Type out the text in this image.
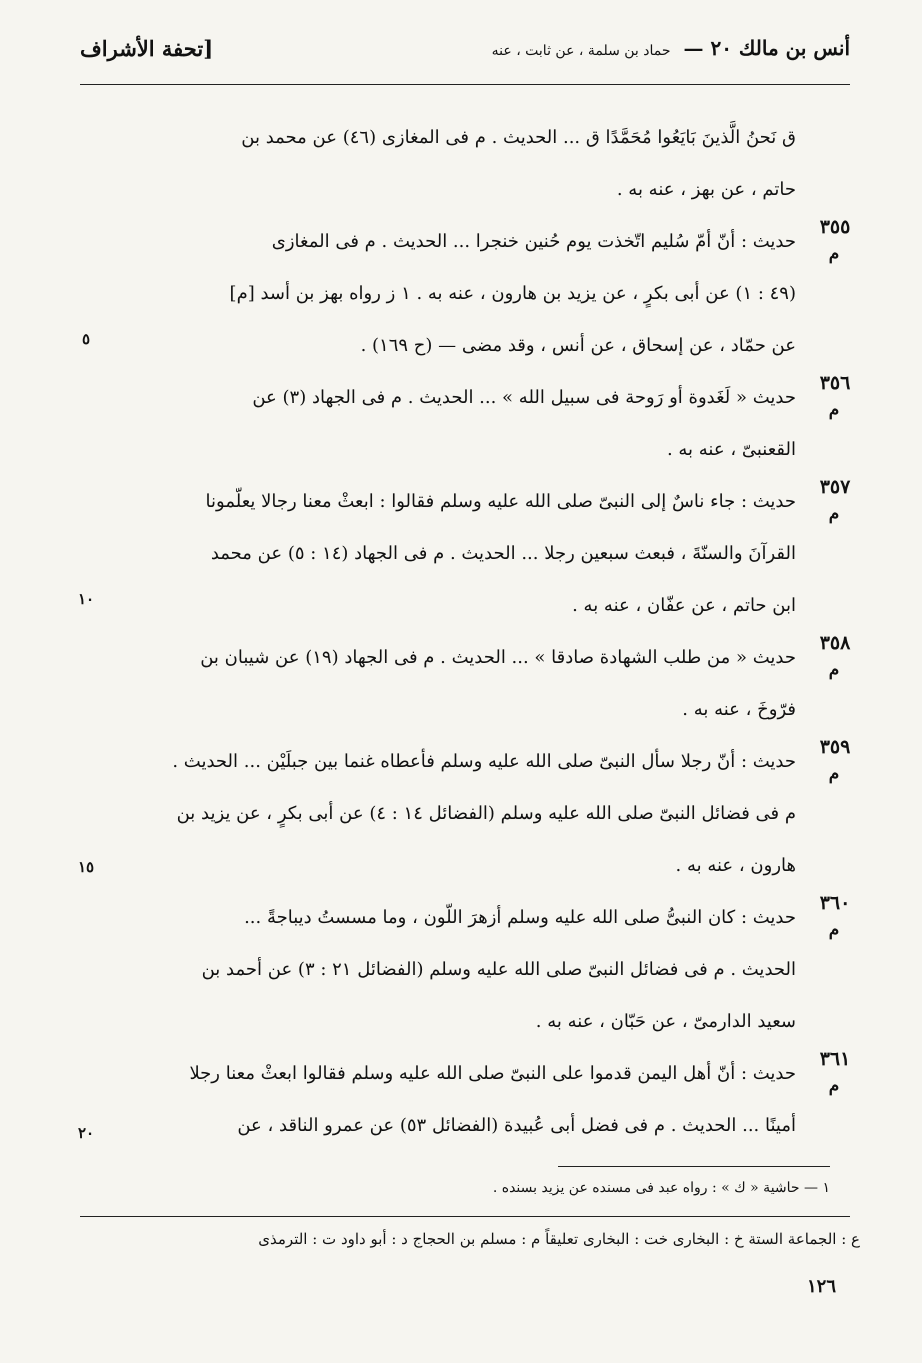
أنس بن مالك ٢٠ — حماد بن سلمة ، عن ثابت ، عنه
[تحفة الأشراف
ق نَحنُ الَّذينَ بَايَعُوا مُحَمَّدًا ق ... الحديث . م فى المغازى (٤٦) عن محمد بن
حاتم ، عن بهز ، عنه به .
٣٥٥
م
حديث : أنّ أمّ سُليم اتّخذت يوم حُنين خنجرا ... الحديث . م فى المغازى
(٤٩ : ١) عن أبى بكرٍ ، عن يزيد بن هارون ، عنه به . ١ ز رواه بهز بن أسد [م]
عن حمّاد ، عن إسحاق ، عن أنس ، وقد مضى — (ح ١٦٩) .
٣٥٦
م
حديث « لَغَدوة أو رَوحة فى سبيل الله » ... الحديث . م فى الجهاد (٣) عن
القعنبىّ ، عنه به .
٣٥٧
م
حديث : جاء ناسٌ إلى النبىّ صلى الله عليه وسلم فقالوا : ابعثْ معنا رجالا يعلّمونا
القرآنَ والسنّةَ ، فبعث سبعين رجلا ... الحديث . م فى الجهاد (١٤ : ٥) عن محمد
ابن حاتم ، عن عفّان ، عنه به .
٣٥٨
م
حديث « من طلب الشهادة صادقا » ... الحديث . م فى الجهاد (١٩) عن شيبان بن
فرّوخَ ، عنه به .
٣٥٩
م
حديث : أنّ رجلا سأل النبىّ صلى الله عليه وسلم فأعطاه غنما بين جبلَيْن ... الحديث .
م فى فضائل النبىّ صلى الله عليه وسلم (الفضائل ١٤ : ٤) عن أبى بكرٍ ، عن يزيد بن
هارون ، عنه به .
٣٦٠
م
حديث : كان النبىُّ صلى الله عليه وسلم أزهرَ اللّون ، وما مسستُ ديباجةً ...
الحديث . م فى فضائل النبىّ صلى الله عليه وسلم (الفضائل ٢١ : ٣) عن أحمد بن
سعيد الدارمىّ ، عن حَبّان ، عنه به .
٣٦١
م
حديث : أنّ أهل اليمن قدموا على النبىّ صلى الله عليه وسلم فقالوا ابعثْ معنا رجلا
أمينًا ... الحديث . م فى فضل أبى عُبيدة (الفضائل ٥٣) عن عمرو الناقد ، عن
٥
١٠
١٥
٢٠
١ — حاشية « ك » : رواه عبد فى مسنده عن يزيد بسنده .
ع : الجماعة الستة خ : البخارى خت : البخارى تعليقاً م : مسلم بن الحجاج د : أبو داود ت : الترمذى
١٢٦
